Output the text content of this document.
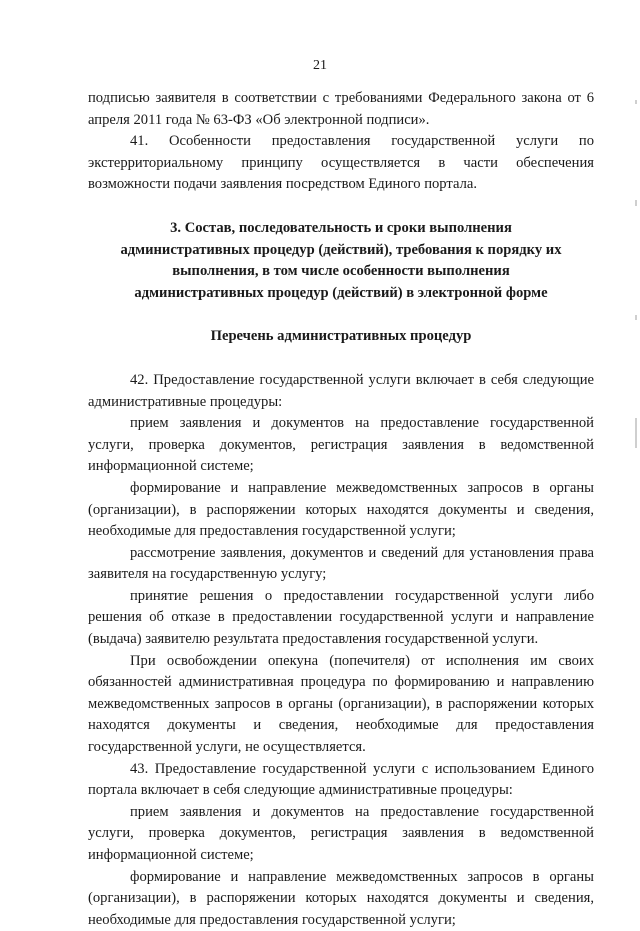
21

подписью заявителя в соответствии с требованиями Федерального закона от 6 апреля 2011 года № 63-ФЗ «Об электронной подписи».

41. Особенности предоставления государственной услуги по экстерриториальному принципу осуществляется в части обеспечения возможности подачи заявления посредством Единого портала.

3. Состав, последовательность и сроки выполнения административных процедур (действий), требования к порядку их выполнения, в том числе особенности выполнения административных процедур (действий) в электронной форме
Перечень административных процедур

42. Предоставление государственной услуги включает в себя следующие административные процедуры:

прием заявления и документов на предоставление государственной услуги, проверка документов, регистрация заявления в ведомственной информационной системе;

формирование и направление межведомственных запросов в органы (организации), в распоряжении которых находятся документы и сведения, необходимые для предоставления государственной услуги;

рассмотрение заявления, документов и сведений для установления права заявителя на государственную услугу;

принятие решения о предоставлении государственной услуги либо решения об отказе в предоставлении государственной услуги и направление (выдача) заявителю результата предоставления государственной услуги.

При освобождении опекуна (попечителя) от исполнения им своих обязанностей административная процедура по формированию и направлению межведомственных запросов в органы (организации), в распоряжении которых находятся документы и сведения, необходимые для предоставления государственной услуги, не осуществляется.

43. Предоставление государственной услуги с использованием Единого портала включает в себя следующие административные процедуры:

прием заявления и документов на предоставление государственной услуги, проверка документов, регистрация заявления в ведомственной информационной системе;

формирование и направление межведомственных запросов в органы (организации), в распоряжении которых находятся документы и сведения, необходимые для предоставления государственной услуги;
